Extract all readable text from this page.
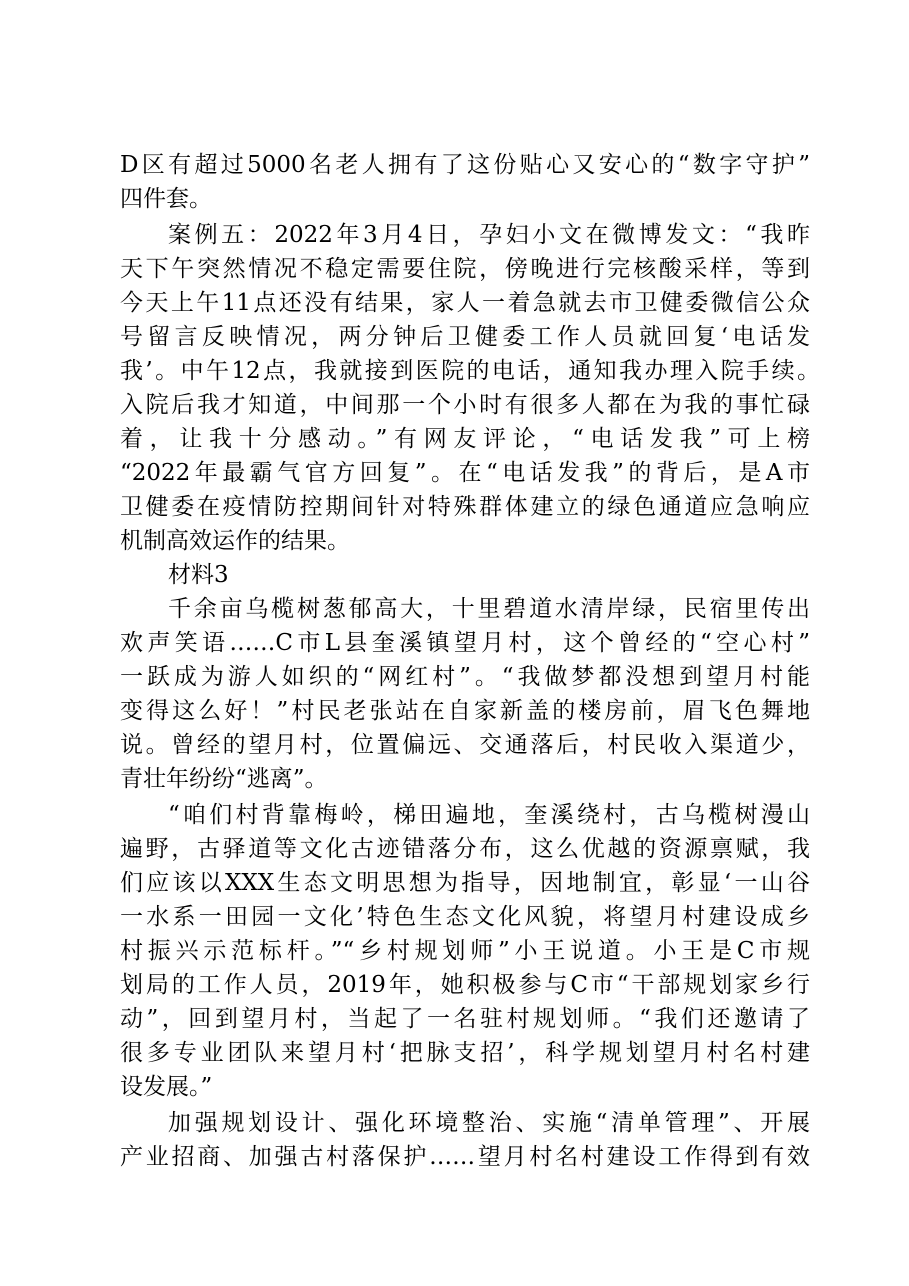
D区有超过5000名老人拥有了这份贴心又安心的“数字守护”
四件套。
案例五：2022年3月4日，孕妇小文在微博发文：“我昨
天下午突然情况不稳定需要住院，傍晚进行完核酸采样，等到
今天上午11点还没有结果，家人一着急就去市卫健委微信公众
号留言反映情况，两分钟后卫健委工作人员就回复‘电话发
我’。中午12点，我就接到医院的电话，通知我办理入院手续。
入院后我才知道，中间那一个小时有很多人都在为我的事忙碌
着，让我十分感动。”有网友评论，“电话发我”可上榜
“2022年最霸气官方回复”。在“电话发我”的背后，是A市
卫健委在疫情防控期间针对特殊群体建立的绿色通道应急响应
机制高效运作的结果。
材料3
千余亩乌榄树葱郁高大，十里碧道水清岸绿，民宿里传出
欢声笑语……C市L县奎溪镇望月村，这个曾经的“空心村”
一跃成为游人如织的“网红村”。“我做梦都没想到望月村能
变得这么好！”村民老张站在自家新盖的楼房前，眉飞色舞地
说。曾经的望月村，位置偏远、交通落后，村民收入渠道少，
青壮年纷纷“逃离”。
“咱们村背靠梅岭，梯田遍地，奎溪绕村，古乌榄树漫山
遍野，古驿道等文化古迹错落分布，这么优越的资源禀赋，我
们应该以XXX生态文明思想为指导，因地制宜，彰显‘一山谷
一水系一田园一文化’特色生态文化风貌，将望月村建设成乡
村振兴示范标杆。”“乡村规划师”小王说道。小王是C市规
划局的工作人员，2019年，她积极参与C市“干部规划家乡行
动”，回到望月村，当起了一名驻村规划师。“我们还邀请了
很多专业团队来望月村‘把脉支招’，科学规划望月村名村建
设发展。”
加强规划设计、强化环境整治、实施“清单管理”、开展
产业招商、加强古村落保护……望月村名村建设工作得到有效
